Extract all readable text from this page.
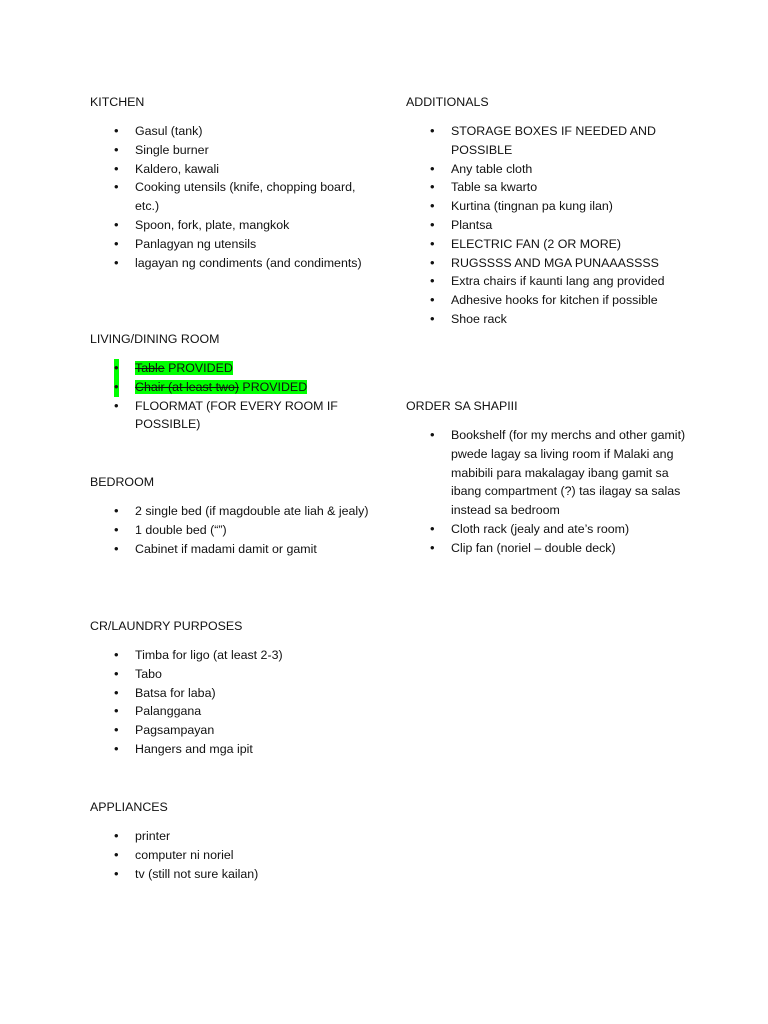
KITCHEN
• Gasul (tank)
• Single burner
• Kaldero, kawali
• Cooking utensils (knife, chopping board, etc.)
• Spoon, fork, plate, mangkok
• Panlagyan ng utensils
• lagayan ng condiments (and condiments)
LIVING/DINING ROOM
• Table PROVIDED
• Chair (at least two) PROVIDED
• FLOORMAT (FOR EVERY ROOM IF POSSIBLE)
BEDROOM
• 2 single bed (if magdouble ate liah & jealy)
• 1 double bed (“”)
• Cabinet if madami damit or gamit
CR/LAUNDRY PURPOSES
• Timba for ligo (at least 2-3)
• Tabo
• Batsa for laba)
• Palanggana
• Pagsampayan
• Hangers and mga ipit
APPLIANCES
• printer
• computer ni noriel
• tv (still not sure kailan)
ADDITIONALS
• STORAGE BOXES IF NEEDED AND POSSIBLE
• Any table cloth
• Table sa kwarto
• Kurtina (tingnan pa kung ilan)
• Plantsa
• ELECTRIC FAN (2 OR MORE)
• RUGSSSS AND MGA PUNAAASSSS
• Extra chairs if kaunti lang ang provided
• Adhesive hooks for kitchen if possible
• Shoe rack
ORDER SA SHAPIII
• Bookshelf (for my merchs and other gamit) pwede lagay sa living room if Malaki ang mabibili para makalagay ibang gamit sa ibang compartment (?) tas ilagay sa salas instead sa bedroom
• Cloth rack (jealy and ate’s room)
• Clip fan (noriel – double deck)
